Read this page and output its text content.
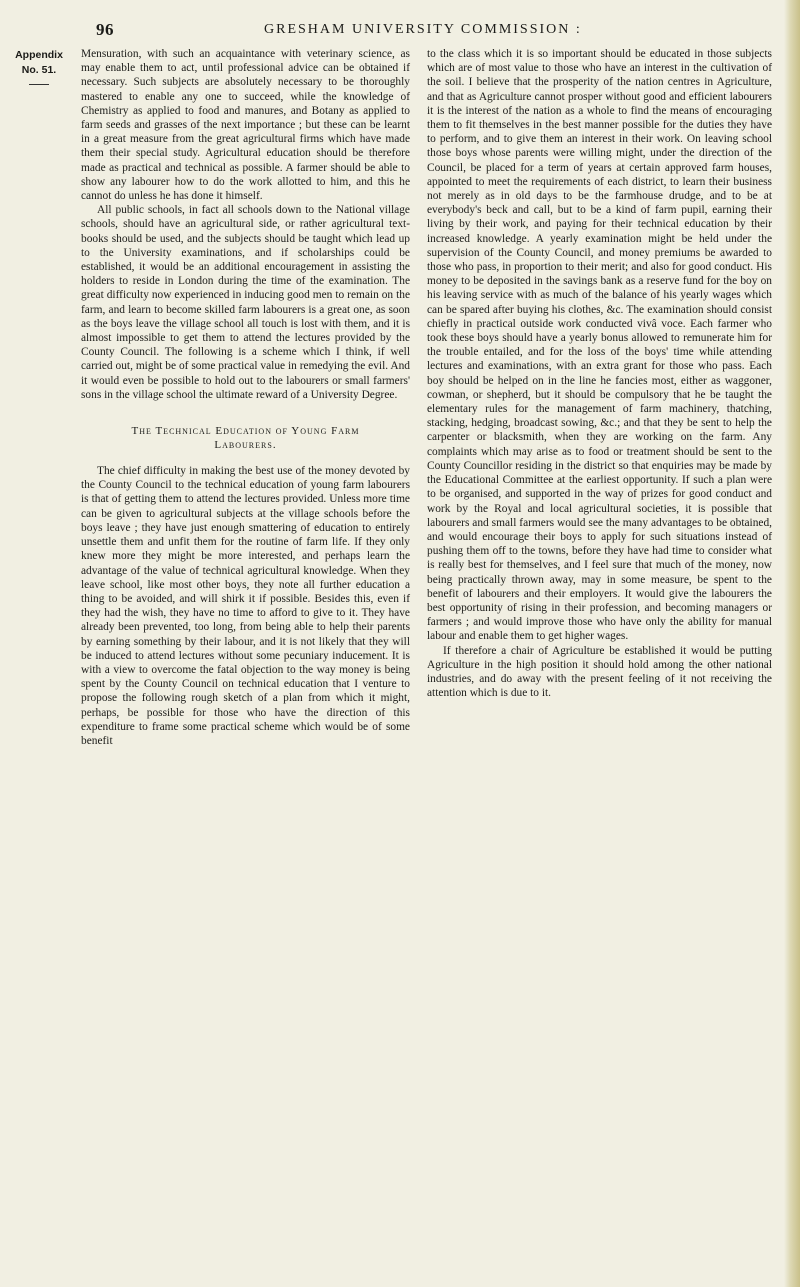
96	GRESHAM UNIVERSITY COMMISSION :
Appendix
No. 51.

Mensuration, with such an acquaintance with veterinary science, as may enable them to act, until professional advice can be obtained if necessary. Such subjects are absolutely necessary to be thoroughly mastered to enable any one to succeed, while the knowledge of Chemistry as applied to food and manures, and Botany as applied to farm seeds and grasses of the next importance ; but these can be learnt in a great measure from the great agricultural firms which have made them their special study. Agricultural education should be therefore made as practical and technical as possible. A farmer should be able to show any labourer how to do the work allotted to him, and this he cannot do unless he has done it himself.

All public schools, in fact all schools down to the National village schools, should have an agricultural side, or rather agricultural text-books should be used, and the subjects should be taught which lead up to the University examinations, and if scholarships could be established, it would be an additional encouragement in assisting the holders to reside in London during the time of the examination. The great difficulty now experienced in inducing good men to remain on the farm, and learn to become skilled farm labourers is a great one, as soon as the boys leave the village school all touch is lost with them, and it is almost impossible to get them to attend the lectures provided by the County Council. The following is a scheme which I think, if well carried out, might be of some practical value in remedying the evil. And it would even be possible to hold out to the labourers or small farmers' sons in the village school the ultimate reward of a University Degree.

The Technical Education of Young Farm
Labourers.

The chief difficulty in making the best use of the money devoted by the County Council to the technical education of young farm labourers is that of getting them to attend the lectures provided. Unless more time can be given to agricultural subjects at the village schools before the boys leave ; they have just enough smattering of education to entirely unsettle them and unfit them for the routine of farm life. If they only knew more they might be more interested, and perhaps learn the advantage of the value of technical agricultural knowledge. When they leave school, like most other boys, they note all further education a thing to be avoided, and will shirk it if possible. Besides this, even if they had the wish, they have no time to afford to give to it. They have already been prevented, too long, from being able to help their parents by earning something by their labour, and it is not likely that they will be induced to attend lectures without some pecuniary inducement. It is with a view to overcome the fatal objection to the way money is being spent by the County Council on technical education that I venture to propose the following rough sketch of a plan from which it might, perhaps, be possible for those who have the direction of this expenditure to frame some practical scheme which would be of some benefit

to the class which it is so important should be educated in those subjects which are of most value to those who have an interest in the cultivation of the soil. I believe that the prosperity of the nation centres in Agriculture, and that as Agriculture cannot prosper without good and efficient labourers it is the interest of the nation as a whole to find the means of encouraging them to fit themselves in the best manner possible for the duties they have to perform, and to give them an interest in their work. On leaving school those boys whose parents were willing might, under the direction of the Council, be placed for a term of years at certain approved farm houses, appointed to meet the requirements of each district, to learn their business not merely as in old days to be the farmhouse drudge, and to be at everybody's beck and call, but to be a kind of farm pupil, earning their living by their work, and paying for their technical education by their increased knowledge. A yearly examination might be held under the supervision of the County Council, and money premiums be awarded to those who pass, in proportion to their merit; and also for good conduct. His money to be deposited in the savings bank as a reserve fund for the boy on his leaving service with as much of the balance of his yearly wages which can be spared after buying his clothes, &c. The examination should consist chiefly in practical outside work conducted vivâ voce. Each farmer who took these boys should have a yearly bonus allowed to remunerate him for the trouble entailed, and for the loss of the boys' time while attending lectures and examinations, with an extra grant for those who pass. Each boy should be helped on in the line he fancies most, either as waggoner, cowman, or shepherd, but it should be compulsory that he be taught the elementary rules for the management of farm machinery, thatching, stacking, hedging, broadcast sowing, &c.; and that they be sent to help the carpenter or blacksmith, when they are working on the farm. Any complaints which may arise as to food or treatment should be sent to the County Councillor residing in the district so that enquiries may be made by the Educational Committee at the earliest opportunity. If such a plan were to be organised, and supported in the way of prizes for good conduct and work by the Royal and local agricultural societies, it is possible that labourers and small farmers would see the many advantages to be obtained, and would encourage their boys to apply for such situations instead of pushing them off to the towns, before they have had time to consider what is really best for themselves, and I feel sure that much of the money, now being practically thrown away, may in some measure, be spent to the benefit of labourers and their employers. It would give the labourers the best opportunity of rising in their profession, and becoming managers or farmers ; and would improve those who have only the ability for manual labour and enable them to get higher wages.

If therefore a chair of Agriculture be established it would be putting Agriculture in the high position it should hold among the other national industries, and do away with the present feeling of it not receiving the attention which is due to it.
